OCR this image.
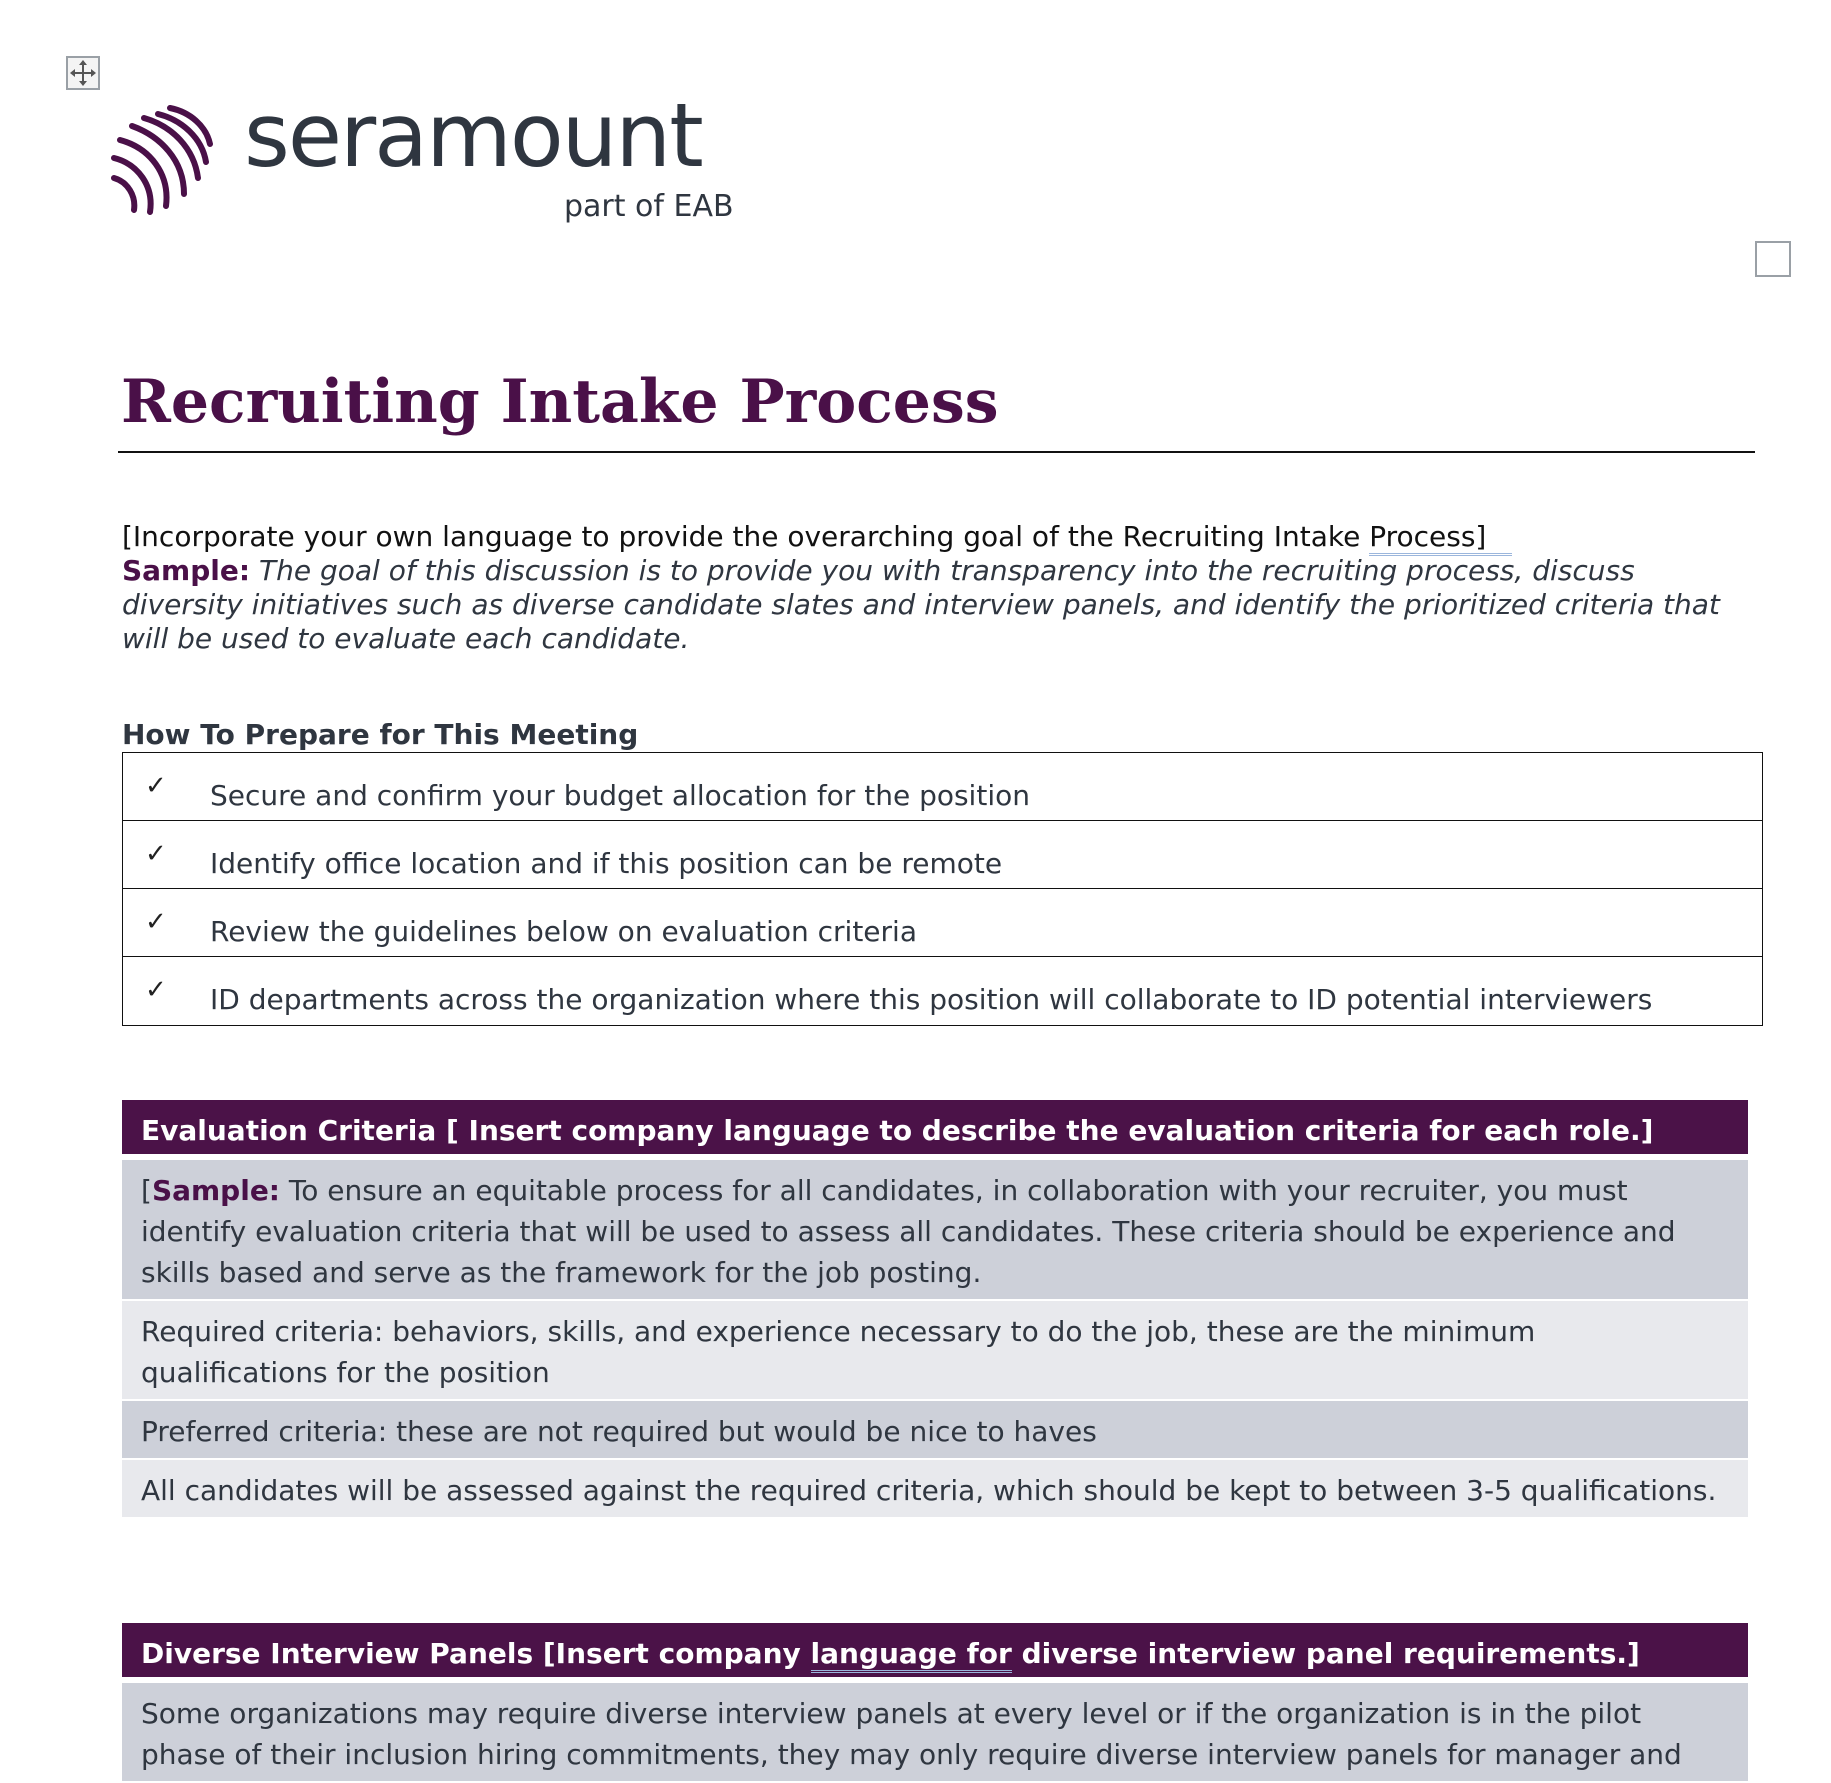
seramount
part of EAB
Recruiting Intake Process
[Incorporate your own language to provide the overarching goal of the Recruiting Intake Process]
Sample: The goal of this discussion is to provide you with transparency into the recruiting process, discuss diversity initiatives such as diverse candidate slates and interview panels, and identify the prioritized criteria that will be used to evaluate each candidate.
How To Prepare for This Meeting
✓ Secure and confirm your budget allocation for the position
✓ Identify office location and if this position can be remote
✓ Review the guidelines below on evaluation criteria
✓ ID departments across the organization where this position will collaborate to ID potential interviewers
Evaluation Criteria [ Insert company language to describe the evaluation criteria for each role.]
[Sample: To ensure an equitable process for all candidates, in collaboration with your recruiter, you must identify evaluation criteria that will be used to assess all candidates. These criteria should be experience and skills based and serve as the framework for the job posting.
Required criteria: behaviors, skills, and experience necessary to do the job, these are the minimum qualifications for the position
Preferred criteria: these are not required but would be nice to haves
All candidates will be assessed against the required criteria, which should be kept to between 3-5 qualifications.
Diverse Interview Panels [Insert company language for diverse interview panel requirements.]
Some organizations may require diverse interview panels at every level or if the organization is in the pilot phase of their inclusion hiring commitments, they may only require diverse interview panels for manager and
